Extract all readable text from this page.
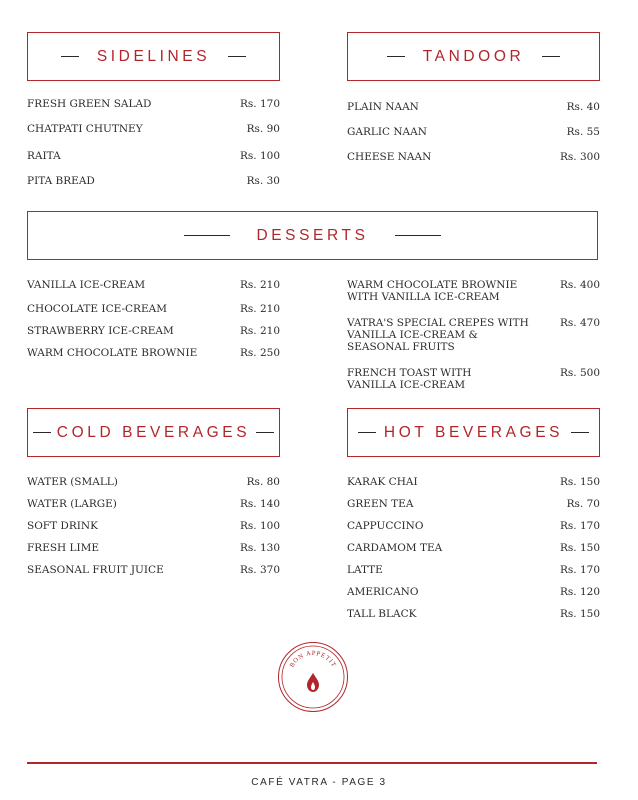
SIDELINES	TANDOOR
FRESH GREEN SALAD	Rs. 170
CHATPATI CHUTNEY	Rs. 90
RAITA	Rs. 100
PITA BREAD	Rs. 30
PLAIN NAAN	Rs. 40
GARLIC NAAN	Rs. 55
CHEESE NAAN	Rs. 300
DESSERTS
VANILLA ICE-CREAM	Rs. 210
CHOCOLATE ICE-CREAM	Rs. 210
STRAWBERRY ICE-CREAM	Rs. 210
WARM CHOCOLATE BROWNIE	Rs. 250
WARM CHOCOLATE BROWNIE WITH VANILLA ICE-CREAM
Rs. 400
VATRA'S SPECIAL CREPES WITH VANILLA ICE-CREAM & SEASONAL FRUITS
Rs. 470
FRENCH TOAST WITH VANILLA ICE-CREAM
Rs. 500
COLD BEVERAGES	HOT BEVERAGES
WATER (SMALL)	Rs. 80
WATER (LARGE)	Rs. 140
SOFT DRINK	Rs. 100
FRESH LIME	Rs. 130
SEASONAL FRUIT JUICE	Rs. 370
KARAK CHAI	Rs. 150
GREEN TEA	Rs. 70
CAPPUCCINO	Rs. 170
CARDAMOM TEA	Rs. 150
LATTE	Rs. 170
AMERICANO	Rs. 120
TALL BLACK	Rs. 150
BON APPETIT
CAFÉ VATRA - PAGE 3
